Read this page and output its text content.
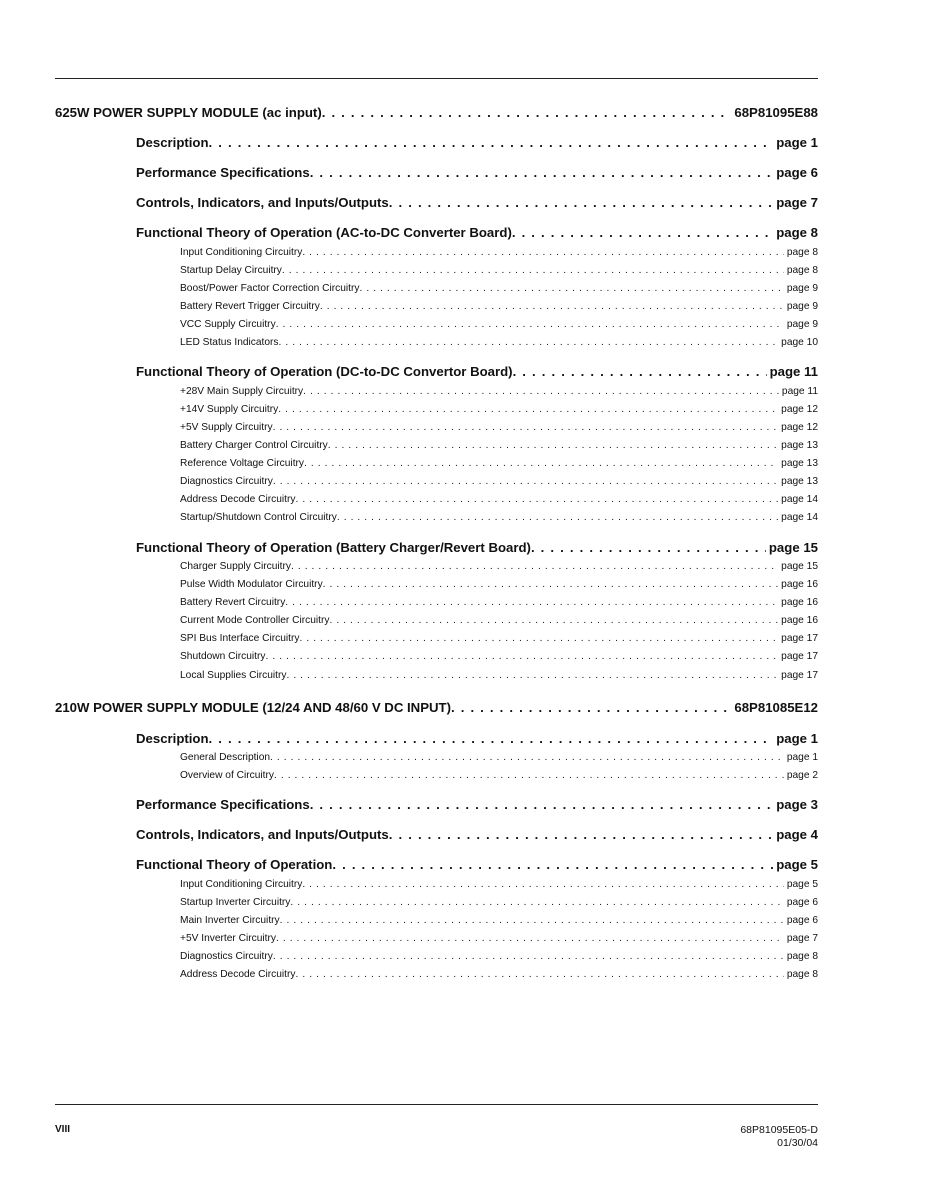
625W POWER SUPPLY MODULE (ac input) . . .	68P81095E88
Description . . .	page 1
Performance Specifications . . .	page 6
Controls, Indicators, and Inputs/Outputs . . .	page 7
Functional Theory of Operation (AC-to-DC Converter Board) . . .	page 8
Input Conditioning Circuitry . . .	page 8
Startup Delay Circuitry . . .	page 8
Boost/Power Factor Correction Circuitry . . .	page 9
Battery Revert Trigger Circuitry . . .	page 9
VCC Supply Circuitry . . .	page 9
LED Status Indicators . . .	page 10
Functional Theory of Operation (DC-to-DC Convertor Board) . . .	page 11
+28V Main Supply Circuitry . . .	page 11
+14V Supply Circuitry . . .	page 12
+5V Supply Circuitry . . .	page 12
Battery Charger Control Circuitry . . .	page 13
Reference Voltage Circuitry . . .	page 13
Diagnostics Circuitry . . .	page 13
Address Decode Circuitry . . .	page 14
Startup/Shutdown Control Circuitry . . .	page 14
Functional Theory of Operation (Battery Charger/Revert Board) . . .	page 15
Charger Supply Circuitry . . .	page 15
Pulse Width Modulator Circuitry . . .	page 16
Battery Revert Circuitry . . .	page 16
Current Mode Controller Circuitry . . .	page 16
SPI Bus Interface Circuitry . . .	page 17
Shutdown Circuitry . . .	page 17
Local Supplies Circuitry . . .	page 17
210W POWER SUPPLY MODULE (12/24 AND 48/60 V DC INPUT) . . .	68P81085E12
Description . . .	page 1
General Description . . .	page 1
Overview of Circuitry . . .	page 2
Performance Specifications . . .	page 3
Controls, Indicators, and Inputs/Outputs . . .	page 4
Functional Theory of Operation . . .	page 5
Input Conditioning Circuitry . . .	page 5
Startup Inverter Circuitry . . .	page 6
Main Inverter Circuitry . . .	page 6
+5V Inverter Circuitry . . .	page 7
Diagnostics Circuitry . . .	page 8
Address Decode Circuitry . . .	page 8
VIII	68P81095E05-D
01/30/04
